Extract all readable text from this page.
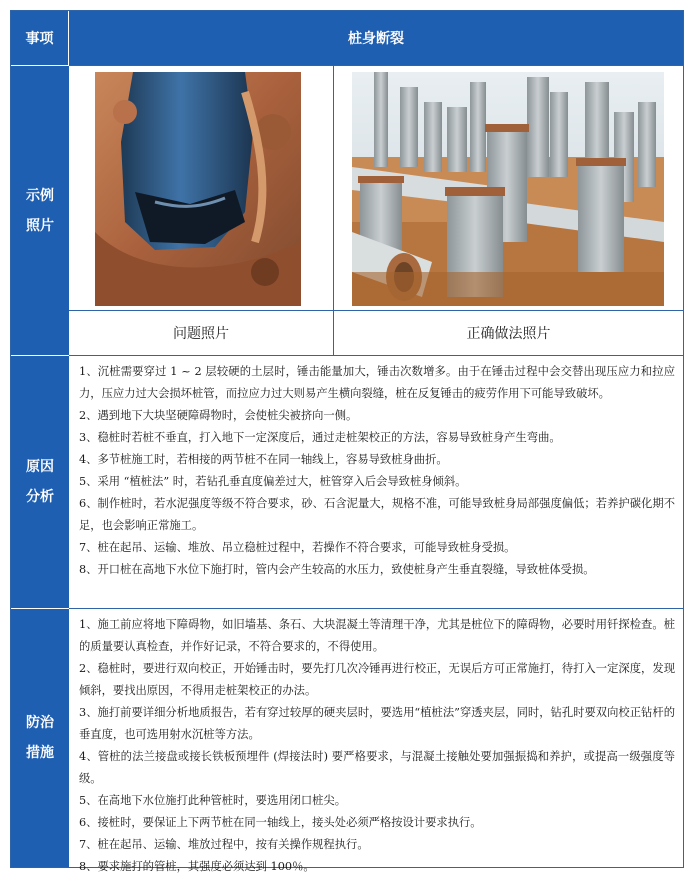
事项	桩身断裂
示例
照片
问题照片	正确做法照片
原因
分析

1、沉桩需要穿过 1 ~ 2 层较硬的土层时，锤击能量加大，锤击次数增多。由于在锤击过程中会交替出现压应力和拉应力，压应力过大会损坏桩管，而拉应力过大则易产生横向裂缝，桩在反复锤击的疲劳作用下可能导致破坏。

2、遇到地下大块坚硬障碍物时，会使桩尖被挤向一侧。

3、稳桩时若桩不垂直，打入地下一定深度后，通过走桩架校正的方法，容易导致桩身产生弯曲。

4、多节桩施工时，若相接的两节桩不在同一轴线上，容易导致桩身曲折。

5、采用 “植桩法” 时，若钻孔垂直度偏差过大，桩管穿入后会导致桩身倾斜。

6、制作桩时，若水泥强度等级不符合要求，砂、石含泥量大，规格不准，可能导致桩身局部强度偏低；若养护碳化期不足，也会影响正常施工。

7、桩在起吊、运输、堆放、吊立稳桩过程中，若操作不符合要求，可能导致桩身受损。

8、开口桩在高地下水位下施打时，管内会产生较高的水压力，致使桩身产生垂直裂缝，导致桩体受损。

防治
措施

1、施工前应将地下障碍物，如旧墙基、条石、大块混凝土等清理干净，尤其是桩位下的障碍物，必要时用钎探检查。桩的质量要认真检查，并作好记录，不符合要求的，不得使用。

2、稳桩时，要进行双向校正，开始锤击时，要先打几次冷锤再进行校正，无误后方可正常施打，待打入一定深度，发现倾斜，要找出原因，不得用走桩架校正的办法。

3、施打前要详细分析地质报告，若有穿过较厚的硬夹层时，要选用“植桩法”穿透夹层，同时，钻孔时要双向校正钻杆的垂直度，也可选用射水沉桩等方法。

4、管桩的法兰接盘或接长铁板预埋件 (焊接法时) 要严格要求，与混凝土接触处要加强振捣和养护，或提高一级强度等级。

5、在高地下水位施打此种管桩时，要选用闭口桩尖。

6、接桩时，要保证上下两节桩在同一轴线上，接头处必须严格按设计要求执行。

7、桩在起吊、运输、堆放过程中，按有关操作规程执行。

8、要求施打的管桩，其强度必须达到 100％。
